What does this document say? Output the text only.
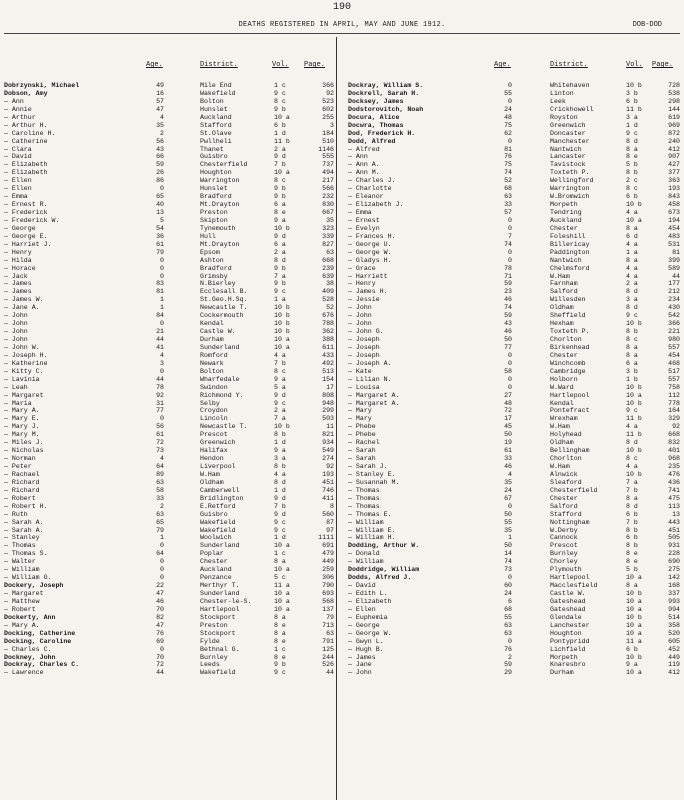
190
DEATHS REGISTERED IN APRIL, MAY AND JUNE 1912.	DOB-DOD
Age.	District.	Vol. Page.	Age.	District.	Vol. Page.
Dobrzynski, Michael	49	Mile End	1 c	366
Dobson, Amy	16	Wakefield	9 c	92
— Ann	57	Bolton	8 c	523
— Annie	47	Hunslet	9 b	602
— Arthur	4	Auckland	10 a	255
— Arthur H.	35	Stafford	6 b	3
— Caroline H.	2	St.Olave	1 d	184
— Catherine	56	Pwllheli	11 b	510
— Clara	43	Thanet	2 a	1146
— David	66	Guisbro	9 d	555
— Elizabeth	59	Chesterfield	7 b	737
— Elizabeth	26	Houghton	10 a	494
— Ellen	86	Warrington	8 c	217
— Ellen	0	Hunslet	9 b	566
— Emma	65	Bradford	9 b	232
— Ernest R.	40	Mt.Drayton	6 a	830
— Frederick	13	Preston	8 e	667
— Frederick W.	5	Skipton	9 a	35
— George	54	Tynemouth	10 b	323
— George E.	36	Hull	9 d	339
— Harriet J.	61	Mt.Drayton	6 a	827
— Henry	79	Epsom	2 a	63
— Hilda	0	Ashton	8 d	668
— Horace	0	Bradford	9 b	239
— Jack	0	Grimsby	7 a	639
— James	83	N.Bierley	9 b	38
— James	81	Ecclesall B.	9 c	409
— James W.	1	St.Geo.H.Sq.	1 a	528
— Jane A.	1	Newcastle T.	10 b	52
— John	84	Cockermouth	10 b	676
— John	0	Kendal	10 b	788
— John	21	Castle W.	10 b	362
— John	44	Durham	10 a	388
— John W.	41	Sunderland	10 a	611
— Joseph H.	4	Romford	4 a	433
— Katherine	3	Newark	7 b	492
— Kitty C.	0	Bolton	8 c	513
— Lavinia	44	Wharfedale	9 a	154
— Leah	78	Swindon	5 a	17
— Margaret	92	Richmond Y.	9 d	808
— Maria	31	Selby	9 c	948
— Mary A.	77	Croydon	2 a	299
— Mary E.	0	Lincoln	7 a	503
— Mary J.	56	Newcastle T.	10 b	11
— Mary M.	61	Prescot	8 b	821
— Miles J.	72	Greenwich	1 d	934
— Nicholas	73	Halifax	9 a	549
— Norman	4	Hendon	3 a	274
— Peter	64	Liverpool	8 b	92
— Rachael	89	W.Ham	4 a	193
— Richard	63	Oldham	8 d	451
— Richard	58	Camberwell	1 d	746
— Robert	33	Bridlington	9 d	411
— Robert H.	2	E.Retford	7 b	8
— Ruth	63	Guisbro	9 d	560
— Sarah A.	65	Wakefield	9 c	87
— Sarah A.	79	Wakefield	9 c	97
— Stanley	1	Woolwich	1 d	1111
— Thomas	0	Sunderland	10 a	691
— Thomas S.	64	Poplar	1 c	479
— Walter	0	Chester	8 a	449
— William	0	Auckland	10 a	259
— William G.	0	Penzance	5 c	306
Dockery, Joseph	22	Merthyr T.	11 a	790
— Margaret	47	Sunderland	10 a	693
— Matthew	46	Chester-le-S.	10 a	568
— Robert	70	Hartlepool	10 a	137
Dockerty, Ann	82	Stockport	8 a	79
— Mary A.	47	Preston	8 e	713
Docking, Catherine	76	Stockport	8 a	63
Docking, Caroline	69	Fylde	8 e	791
— Charles C.	0	Bethnal G.	1 c	125
Dockney, John	70	Burnley	8 e	244
Dockray, Charles C.	72	Leeds	9 b	526
— Lawrence	44	Wakefield	9 c	44
Dockray, William S.	0	Whitehaven	10 b	728
Dockrell, Sarah H.	55	Linton	3 b	538
Docksey, James	0	Leek	6 b	298
Dodstorovitch, Noah	24	Crickhowell	11 b	144
Docura, Alice	48	Royston	3 a	619
Docwra, Thomas	75	Greenwich	1 d	969
Dod, Frederick H.	62	Doncaster	9 c	872
Dodd, Alfred	0	Manchester	8 d	240
— Alfred	81	Nantwich	8 a	412
— Ann	76	Lancaster	8 e	907
— Ann A.	75	Tavistock	5 b	427
— Ann M.	74	Toxteth P.	8 b	377
— Charles J.	52	Wellingford	2 c	363
— Charlotte	68	Warrington	8 c	193
— Eleanor	63	W.Bromwich	6 b	843
— Elizabeth J.	33	Morpeth	10 b	458
— Emma	57	Tendring	4 a	673
— Ernest	0	Auckland	10 a	194
— Evelyn	0	Chester	8 a	454
— Frances H.	7	Foleshill	6 d	483
— George U.	74	Billericay	4 a	531
— George W.	0	Paddington	1 a	81
— Gladys H.	0	Nantwich	8 a	399
— Grace	78	Chelmsford	4 a	589
— Harriett	71	W.Ham	4 a	44
— Henry	59	Farnham	2 a	177
— James H.	23	Salford	8 d	212
— Jessie	46	Willesden	3 a	234
— John	74	Oldham	8 d	430
— John	59	Sheffield	9 c	542
— John	43	Hexham	10 b	366
— John G.	46	Toxteth P.	8 b	221
— Joseph	50	Chorlton	8 c	980
— Joseph	77	Birkenhead	8 a	557
— Joseph	0	Chester	8 a	454
— Joseph A.	0	Winchcomb	6 a	468
— Kate	58	Cambridge	3 b	517
— Lilian N.	0	Holborn	1 b	557
— Louisa	0	W.Ward	10 b	758
— Margaret A.	27	Hartlepool	10 a	112
— Margaret A.	48	Kendal	10 b	778
— Mary	72	Pontefract	9 c	164
— Mary	17	Wrexham	11 b	329
— Phebe	45	W.Ham	4 a	92
— Phebe	50	Holyhead	11 b	668
— Rachel	19	Oldham	8 d	832
— Sarah	61	Bellingham	10 b	401
— Sarah	33	Chorlton	8 c	968
— Sarah J.	46	W.Ham	4 a	235
— Stanley E.	4	Alnwick	10 b	476
— Susannah M.	35	Sleaford	7 a	436
— Thomas	24	Chesterfield	7 b	741
— Thomas	67	Chester	8 a	475
— Thomas	0	Salford	8 d	113
— Thomas E.	50	Stafford	6 b	13
— William	55	Nottingham	7 b	443
— William E.	35	W.Derby	8 b	451
— William H.	1	Cannock	6 b	505
Dodding, Arthur W.	50	Prescot	8 b	931
— Donald	14	Burnley	8 e	228
— William	74	Chorley	8 e	690
Doddridge, William	73	Plymouth	5 b	275
Dodds, Alfred J.	0	Hartlepool	10 a	142
— David	60	Macclesfield	8 a	168
— Edith L.	24	Castle W.	10 b	337
— Elizabeth	6	Gateshead	10 a	993
— Ellen	68	Gateshead	10 a	994
— Euphemia	55	Glendale	10 b	514
— George	63	Lanchester	10 a	358
— George W.	63	Houghton	10 a	520
— Gwyn L.	0	Pontypridd	11 a	605
— Hugh B.	76	Lichfield	6 b	452
— James	2	Morpeth	10 b	449
— Jane	59	Knaresbro	9 a	119
— John	29	Durham	10 a	412
